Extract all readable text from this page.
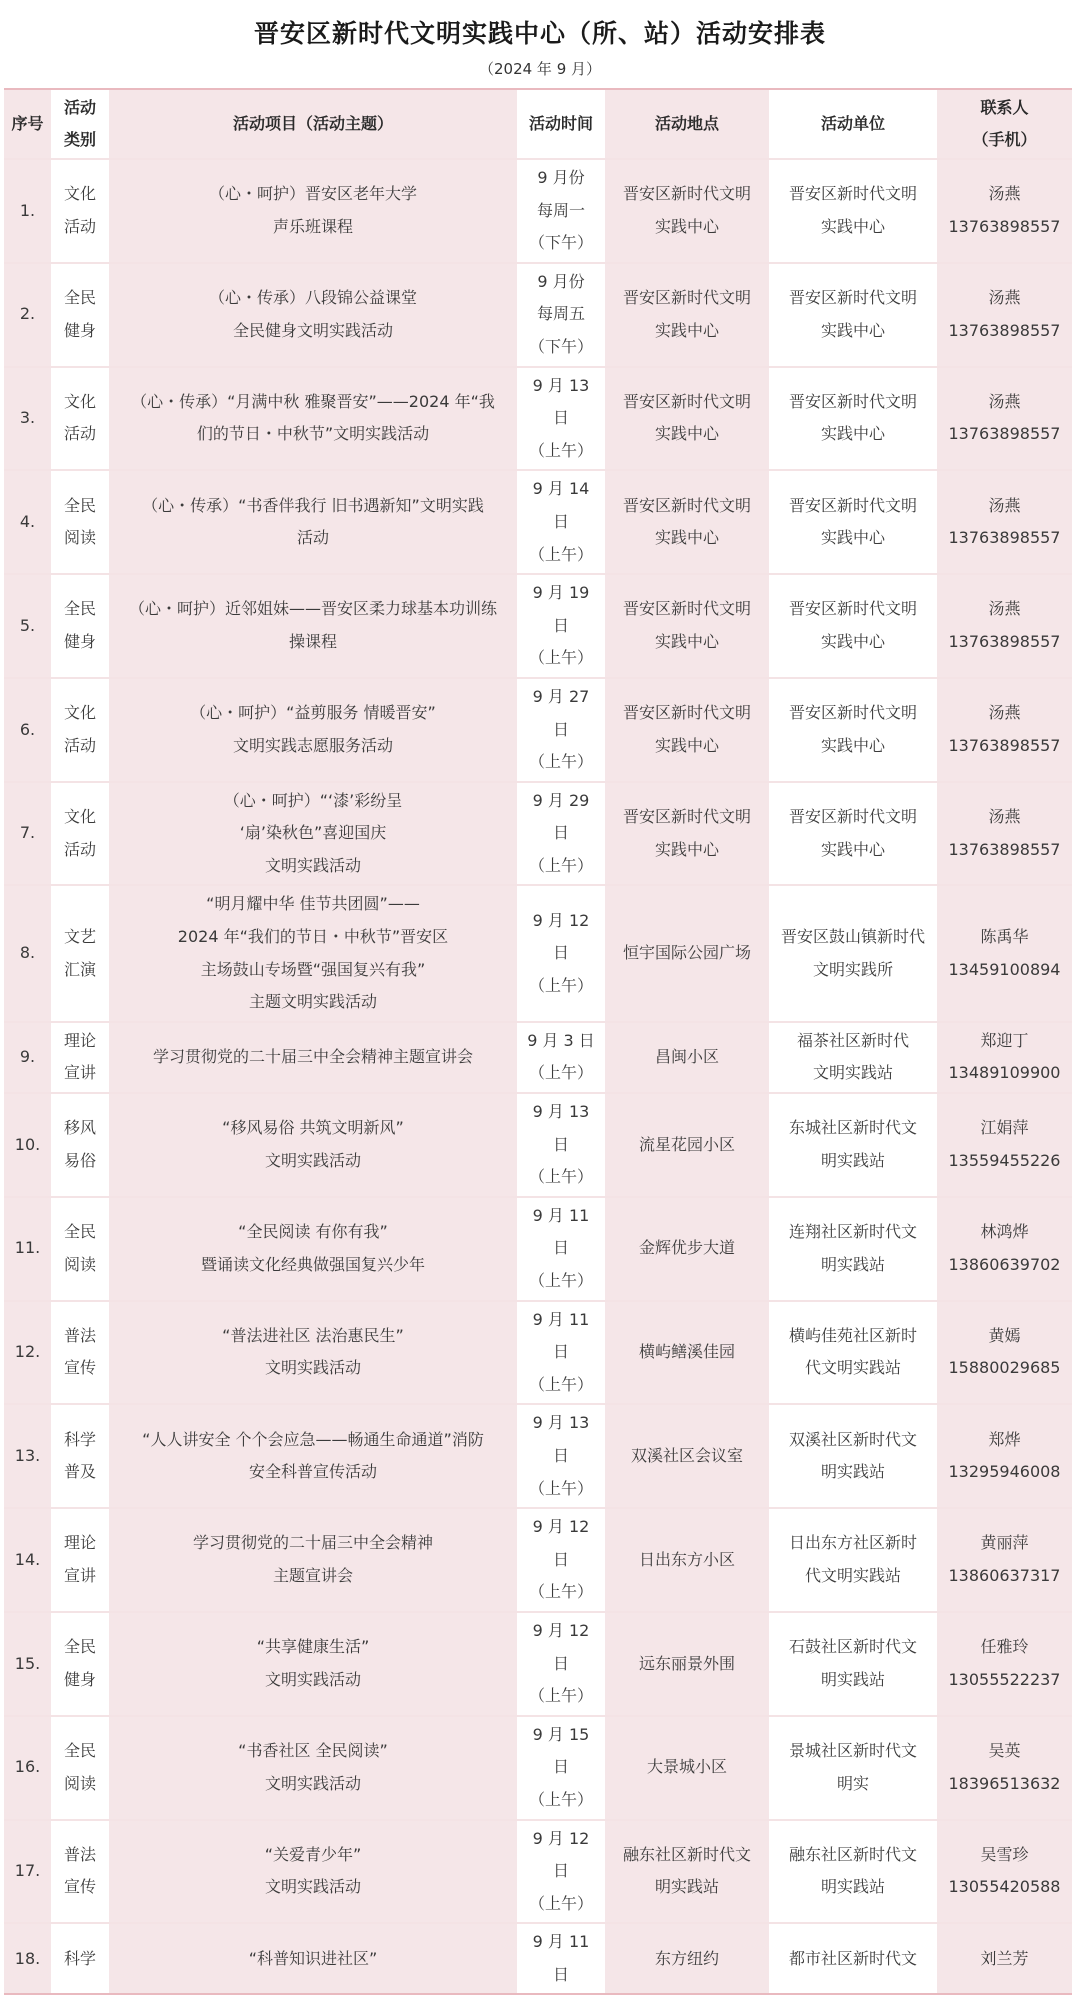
晋安区新时代文明实践中心（所、站）活动安排表
（2024 年 9 月）
序号	活动
类别	活动项目（活动主题）	活动时间	活动地点	活动单位	联系人
（手机）
1.	文化
活动	（心・呵护）晋安区老年大学
声乐班课程	9 月份
每周一
（下午）	晋安区新时代文明
实践中心	晋安区新时代文明
实践中心	汤燕
13763898557
2.	全民
健身	（心・传承）八段锦公益课堂
全民健身文明实践活动	9 月份
每周五
（下午）	晋安区新时代文明
实践中心	晋安区新时代文明
实践中心	汤燕
13763898557
3.	文化
活动	（心・传承）“月满中秋 雅聚晋安”——2024 年“我
们的节日・中秋节”文明实践活动	9 月 13 日
（上午）	晋安区新时代文明
实践中心	晋安区新时代文明
实践中心	汤燕
13763898557
4.	全民
阅读	（心・传承）“书香伴我行 旧书遇新知”文明实践
活动	9 月 14 日
（上午）	晋安区新时代文明
实践中心	晋安区新时代文明
实践中心	汤燕
13763898557
5.	全民
健身	（心・呵护）近邻姐妹——晋安区柔力球基本功训练
操课程	9 月 19 日
（上午）	晋安区新时代文明
实践中心	晋安区新时代文明
实践中心	汤燕
13763898557
6.	文化
活动	（心・呵护）“益剪服务 情暖晋安”
文明实践志愿服务活动	9 月 27 日
（上午）	晋安区新时代文明
实践中心	晋安区新时代文明
实践中心	汤燕
13763898557
7.	文化
活动	（心・呵护）“‘漆’彩纷呈
‘扇’染秋色”喜迎国庆
文明实践活动	9 月 29 日
（上午）	晋安区新时代文明
实践中心	晋安区新时代文明
实践中心	汤燕
13763898557
8.	文艺
汇演	“明月耀中华 佳节共团圆”——
2024 年“我们的节日・中秋节”晋安区
主场鼓山专场暨“强国复兴有我”
主题文明实践活动	9 月 12 日
（上午）	恒宇国际公园广场	晋安区鼓山镇新时代
文明实践所	陈禹华
13459100894
9.	理论
宣讲	学习贯彻党的二十届三中全会精神主题宣讲会	9 月 3 日
（上午）	昌闽小区	福茶社区新时代
文明实践站	郑迎丁
13489109900
10.	移风
易俗	“移风易俗 共筑文明新风”
文明实践活动	9 月 13 日
（上午）	流星花园小区	东城社区新时代文
明实践站	江娟萍
13559455226
11.	全民
阅读	“全民阅读 有你有我”
暨诵读文化经典做强国复兴少年	9 月 11 日
（上午）	金辉优步大道	连翔社区新时代文
明实践站	林鸿烨
13860639702
12.	普法
宣传	“普法进社区 法治惠民生”
文明实践活动	9 月 11 日
（上午）	横屿鳝溪佳园	横屿佳苑社区新时
代文明实践站	黄嫣
15880029685
13.	科学
普及	“人人讲安全 个个会应急——畅通生命通道”消防
安全科普宣传活动	9 月 13 日
（上午）	双溪社区会议室	双溪社区新时代文
明实践站	郑烨
13295946008
14.	理论
宣讲	学习贯彻党的二十届三中全会精神
主题宣讲会	9 月 12 日
（上午）	日出东方小区	日出东方社区新时
代文明实践站	黄丽萍
13860637317
15.	全民
健身	“共享健康生活”
文明实践活动	9 月 12 日
（上午）	远东丽景外围	石鼓社区新时代文
明实践站	任雅玲
13055522237
16.	全民
阅读	“书香社区 全民阅读”
文明实践活动	9 月 15 日
（上午）	大景城小区	景城社区新时代文
明实	吴英
18396513632
17.	普法
宣传	“关爱青少年”
文明实践活动	9 月 12 日
（上午）	融东社区新时代文
明实践站	融东社区新时代文
明实践站	吴雪珍
13055420588
18.	科学	“科普知识进社区”	9 月 11 日	东方纽约	都市社区新时代文	刘兰芳
